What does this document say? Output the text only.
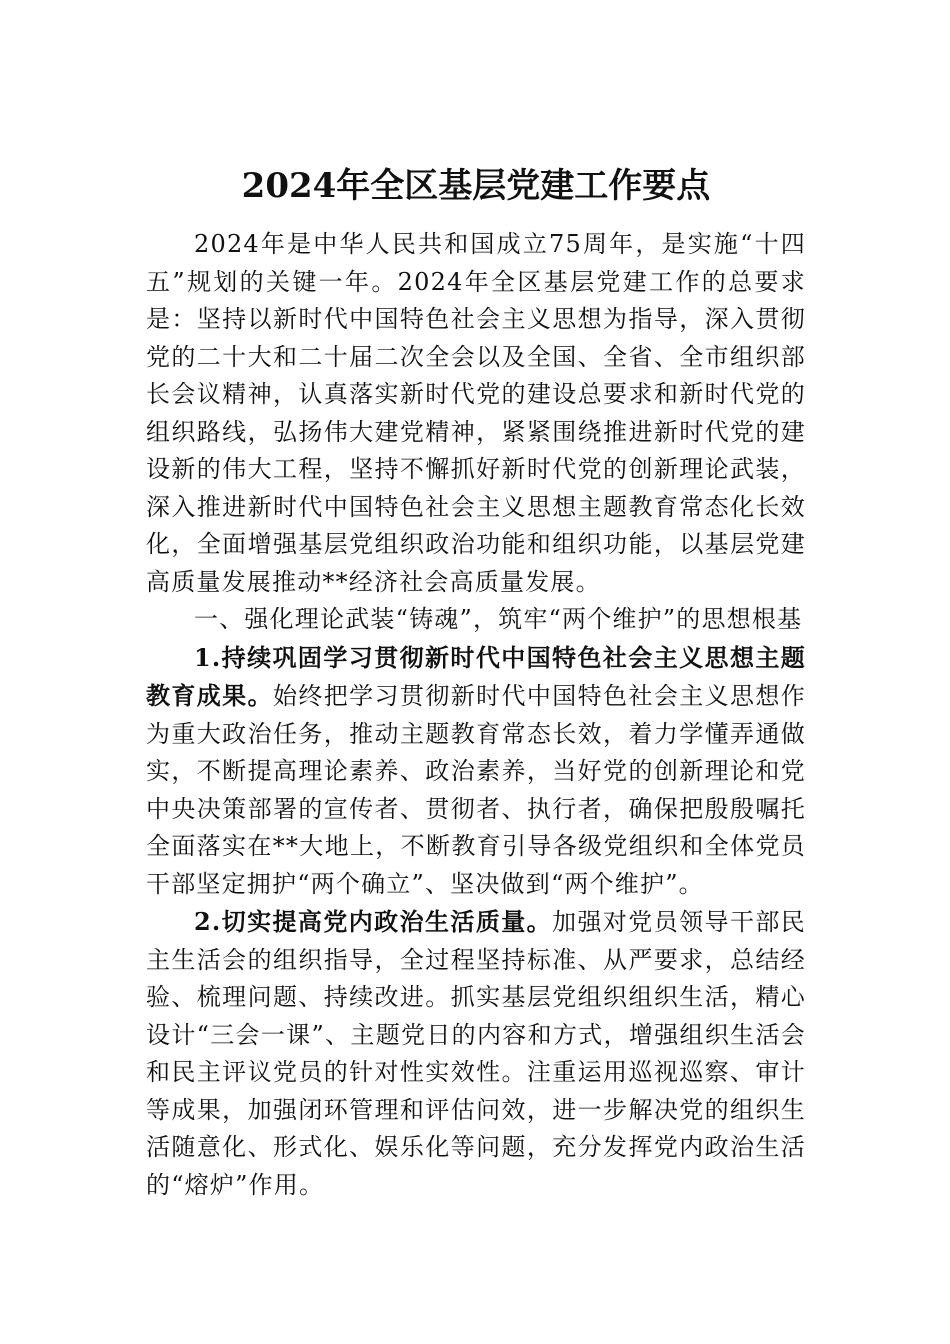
2024年全区基层党建工作要点

2024年是中华人民共和国成立75周年，是实施“十四五”规划的关键一年。2024年全区基层党建工作的总要求是：坚持以新时代中国特色社会主义思想为指导，深入贯彻党的二十大和二十届二次全会以及全国、全省、全市组织部长会议精神，认真落实新时代党的建设总要求和新时代党的组织路线，弘扬伟大建党精神，紧紧围绕推进新时代党的建设新的伟大工程，坚持不懈抓好新时代党的创新理论武装，深入推进新时代中国特色社会主义思想主题教育常态化长效化，全面增强基层党组织政治功能和组织功能，以基层党建高质量发展推动**经济社会高质量发展。

一、强化理论武装“铸魂”，筑牢“两个维护”的思想根基

1.持续巩固学习贯彻新时代中国特色社会主义思想主题教育成果。始终把学习贯彻新时代中国特色社会主义思想作为重大政治任务，推动主题教育常态长效，着力学懂弄通做实，不断提高理论素养、政治素养，当好党的创新理论和党中央决策部署的宣传者、贯彻者、执行者，确保把殷殷嘱托全面落实在**大地上，不断教育引导各级党组织和全体党员干部坚定拥护“两个确立”、坚决做到“两个维护”。

2.切实提高党内政治生活质量。加强对党员领导干部民主生活会的组织指导，全过程坚持标准、从严要求，总结经验、梳理问题、持续改进。抓实基层党组织组织生活，精心设计“三会一课”、主题党日的内容和方式，增强组织生活会和民主评议党员的针对性实效性。注重运用巡视巡察、审计等成果，加强闭环管理和评估问效，进一步解决党的组织生活随意化、形式化、娱乐化等问题，充分发挥党内政治生活的“熔炉”作用。
